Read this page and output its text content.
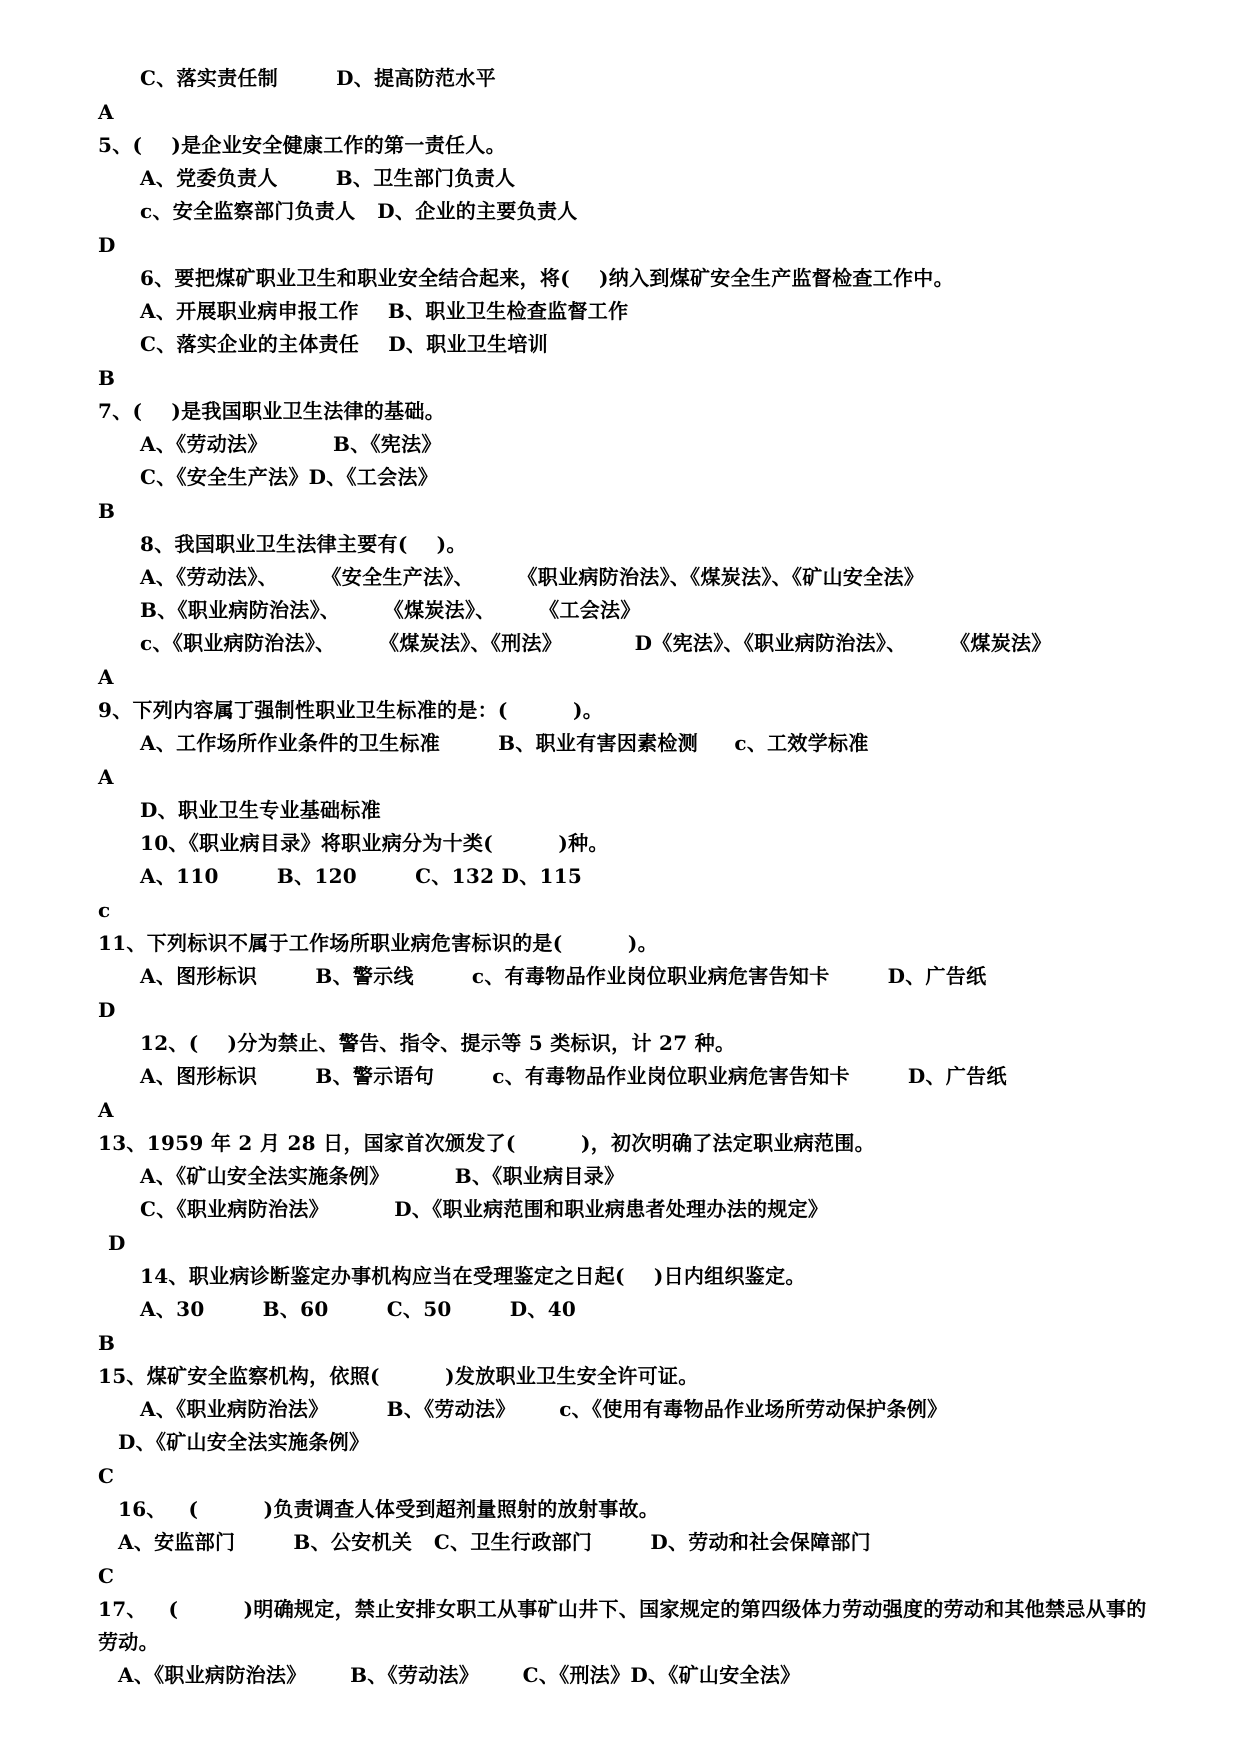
C、落实责任制        D、提高防范水平
A
5、(    )是企业安全健康工作的第一责任人。
A、党委负责人        B、卫生部门负责人
c、安全监察部门负责人   D、企业的主要负责人
D
6、要把煤矿职业卫生和职业安全结合起来，将(    )纳入到煤矿安全生产监督检查工作中。
A、开展职业病申报工作    B、职业卫生检查监督工作
C、落实企业的主体责任    D、职业卫生培训
B
7、(    )是我国职业卫生法律的基础。
A、《劳动法》         B、《宪法》
C、《安全生产法》D、《工会法》
B
8、我国职业卫生法律主要有(    )。
A、《劳动法》、      《安全生产法》、      《职业病防治法》、《煤炭法》、《矿山安全法》
B、《职业病防治法》、      《煤炭法》、      《工会法》
c、《职业病防治法》、      《煤炭法》、《刑法》          D《宪法》、《职业病防治法》、      《煤炭法》
A
9、下列内容属丁强制性职业卫生标准的是：(         )。
A、工作场所作业条件的卫生标准        B、职业有害因素检测     c、工效学标准
A
D、职业卫生专业基础标准
10、《职业病目录》将职业病分为十类(         )种。
A、110        B、120        C、132 D、115
c
11、下列标识不属于工作场所职业病危害标识的是(         )。
A、图形标识        B、警示线        c、有毒物品作业岗位职业病危害告知卡        D、广告纸
D
12、(    )分为禁止、警告、指令、提示等 5 类标识，计 27 种。
A、图形标识        B、警示语句        c、有毒物品作业岗位职业病危害告知卡        D、广告纸
A
13、1959 年 2 月 28 日，国家首次颁发了(         )，初次明确了法定职业病范围。
A、《矿山安全法实施条例》         B、《职业病目录》
C、《职业病防治法》         D、《职业病范围和职业病患者处理办法的规定》
D
14、职业病诊断鉴定办事机构应当在受理鉴定之日起(    )日内组织鉴定。
A、30        B、60        C、50        D、40
B
15、煤矿安全监察机构，依照(         )发放职业卫生安全许可证。
A、《职业病防治法》        B、《劳动法》      c、《使用有毒物品作业场所劳动保护条例》
D、《矿山安全法实施条例》
C
16、   (         )负责调查人体受到超剂量照射的放射事故。
A、安监部门        B、公安机关   C、卫生行政部门        D、劳动和社会保障部门
C
17、   (         )明确规定，禁止安排女职工从事矿山井下、国家规定的第四级体力劳动强度的劳动和其他禁忌从事的
劳动。
A、《职业病防治法》      B、《劳动法》      C、《刑法》D、《矿山安全法》
